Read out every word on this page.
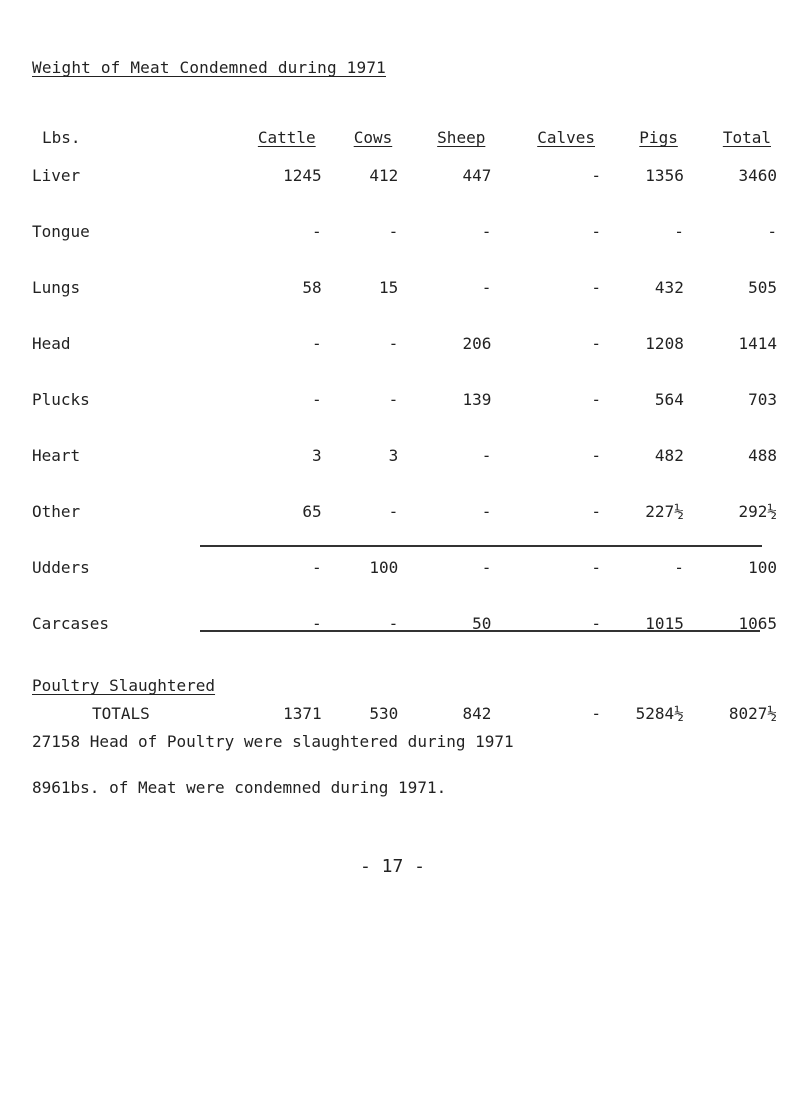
Weight of Meat Condemned during 1971
Lbs.	Cattle	Cows	Sheep	Calves	Pigs	Total
Liver	1245	412	447	-	1356	3460
Tongue	-	-	-	-	-	-
Lungs	58	15	-	-	432	505
Head	-	-	206	-	1208	1414
Plucks	-	-	139	-	564	703
Heart	3	3	-	-	482	488
Other	65	-	-	-	227½	292½
Udders	-	100	-	-	-	100
Carcases	-	-	50	-	1015	1065

TOTALS	1371	530	842	-	5284½	8027½
Poultry Slaughtered
27158 Head of Poultry were slaughtered during 1971
8961bs. of Meat were condemned during 1971.
- 17 -
